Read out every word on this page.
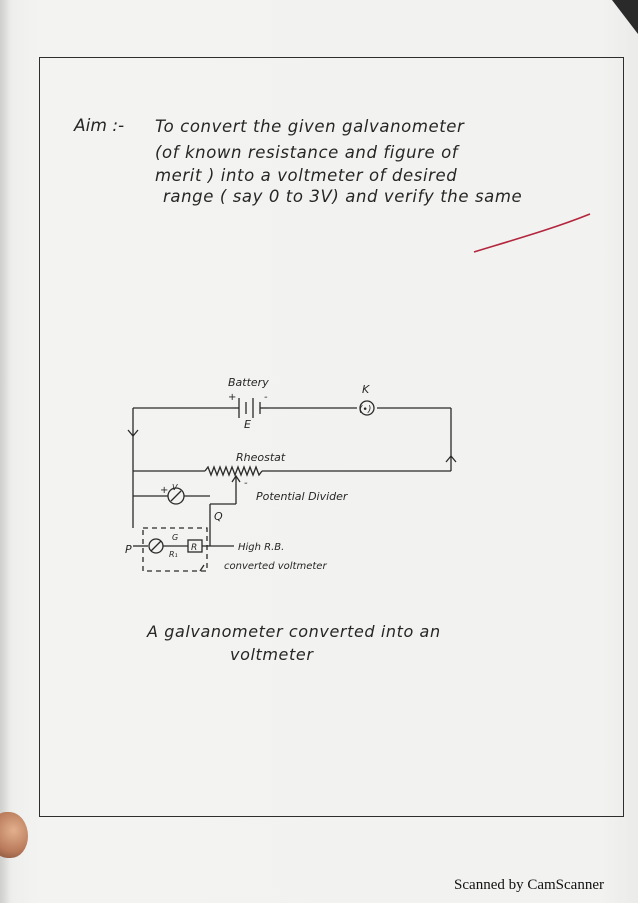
Aim :- To convert the given galvanometer
(of known resistance and figure of
merit ) into a voltmeter of desired
range ( say 0 to 3V) and verify the same
Battery
+	-
E
K
(•)
Rheostat
Potential Divider
-
Q
P
V
+
G
R₁
R	High R.B.
converted voltmeter
A galvanometer converted into an
voltmeter
Scanned by CamScanner
